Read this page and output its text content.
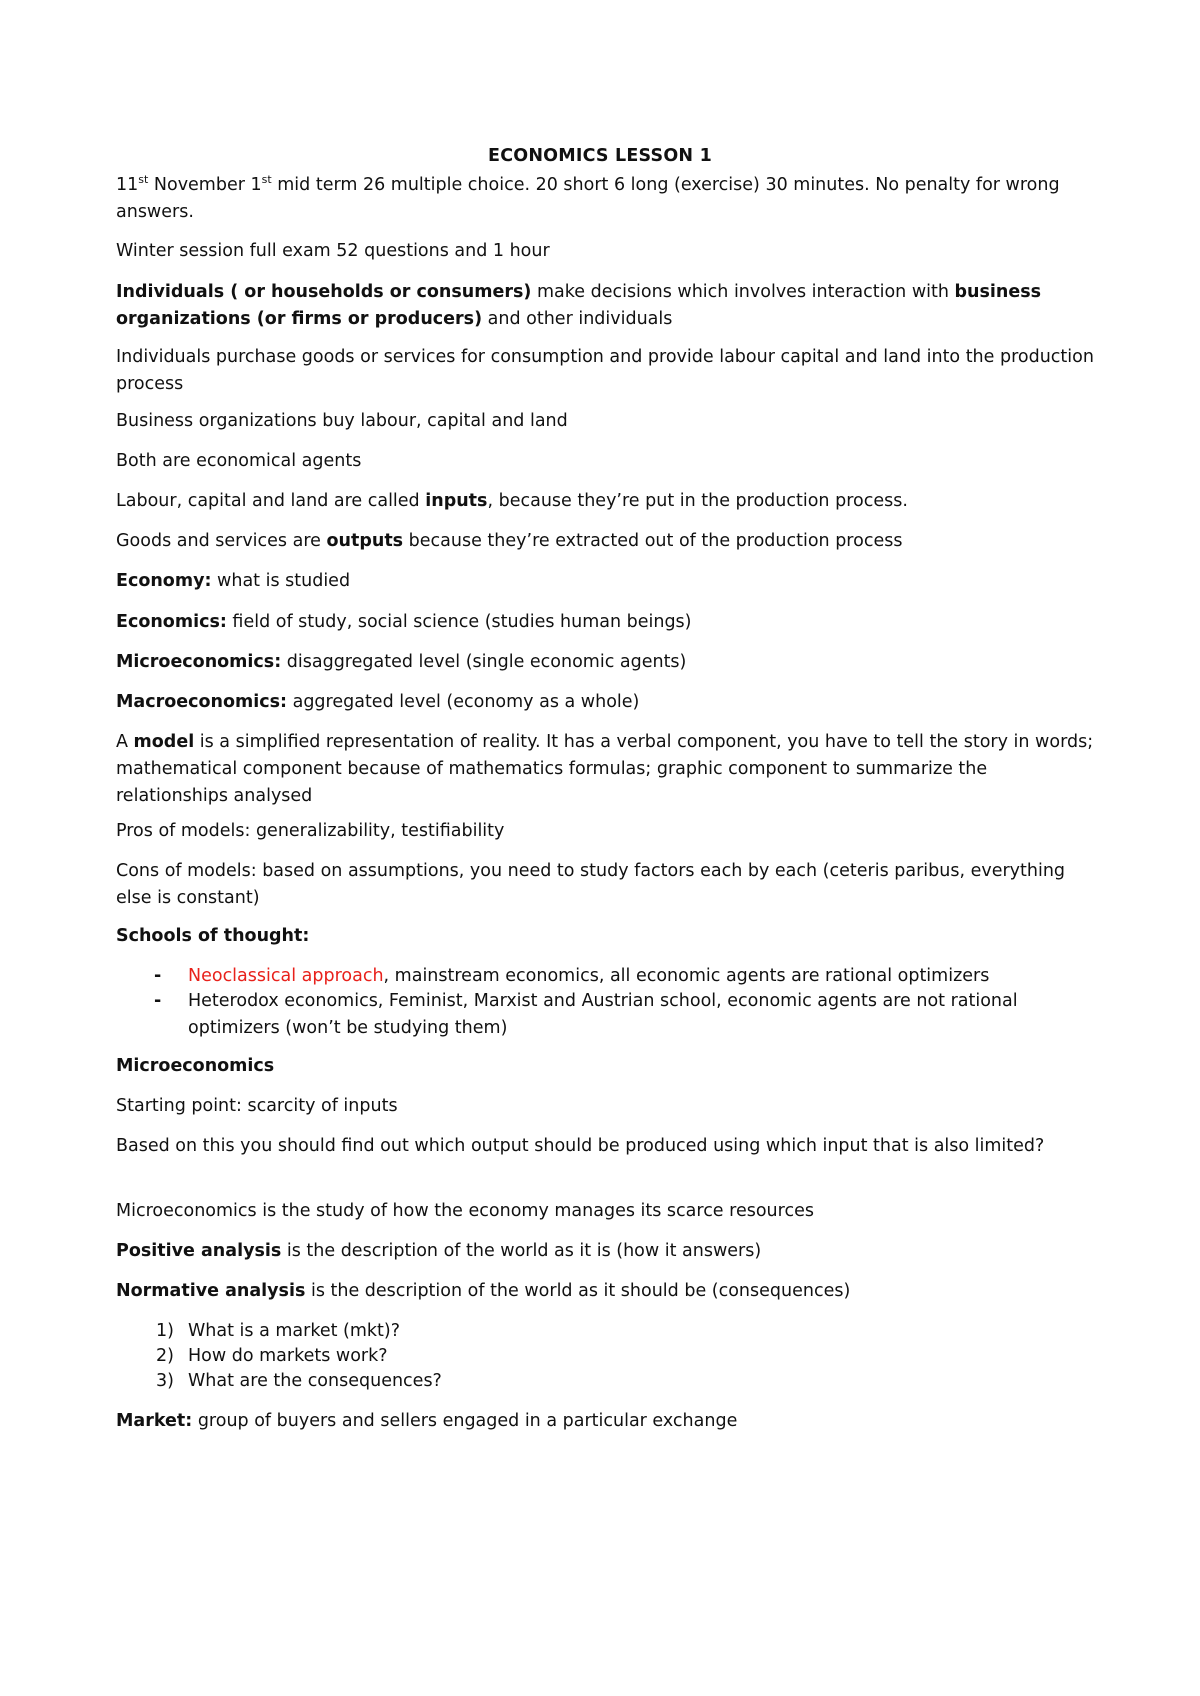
ECONOMICS LESSON 1
11st November 1st mid term 26 multiple choice. 20 short 6 long (exercise) 30 minutes. No penalty for wrong answers.
Winter session full exam 52 questions and 1 hour
Individuals ( or households or consumers) make decisions which involves interaction with business organizations (or firms or producers) and other individuals
Individuals purchase goods or services for consumption and provide labour capital and land into the production process
Business organizations buy labour, capital and land
Both are economical agents
Labour, capital and land are called inputs, because they’re put in the production process.
Goods and services are outputs because they’re extracted out of the production process
Economy: what is studied
Economics: field of study, social science (studies human beings)
Microeconomics: disaggregated level (single economic agents)
Macroeconomics: aggregated level (economy as a whole)
A model is a simplified representation of reality. It has a verbal component, you have to tell the story in words; mathematical component because of mathematics formulas; graphic component to summarize the relationships analysed
Pros of models: generalizability, testifiability
Cons of models: based on assumptions, you need to study factors each by each (ceteris paribus, everything else is constant)
Schools of thought:
- Neoclassical approach, mainstream economics, all economic agents are rational optimizers
- Heterodox economics, Feminist, Marxist and Austrian school, economic agents are not rational optimizers (won’t be studying them)
Microeconomics
Starting point: scarcity of inputs
Based on this you should find out which output should be produced using which input that is also limited?
Microeconomics is the study of how the economy manages its scarce resources
Positive analysis is the description of the world as it is (how it answers)
Normative analysis is the description of the world as it should be (consequences)
1) What is a market (mkt)?
2) How do markets work?
3) What are the consequences?
Market: group of buyers and sellers engaged in a particular exchange
